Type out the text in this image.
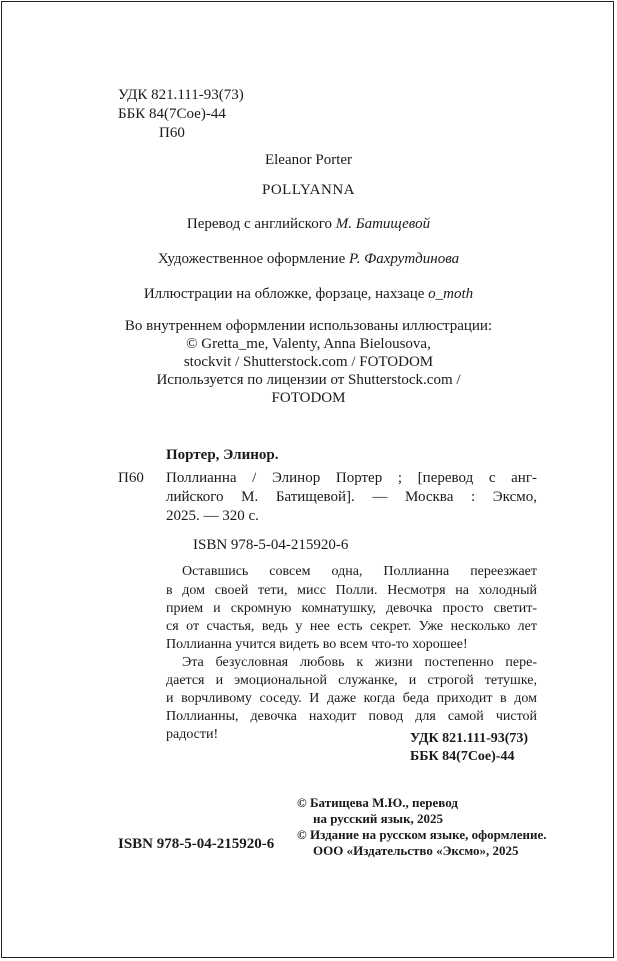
УДК 821.111-93(73)
ББК 84(7Сое)-44
П60
Eleanor Porter
POLLYANNA
Перевод с английского М. Батищевой
Художественное оформление Р. Фахрутдинова
Иллюстрации на обложке, форзаце, нахзаце o_moth
Во внутреннем оформлении использованы иллюстрации:
© Gretta_me, Valenty, Anna Bielousova,
stockvit / Shutterstock.com / FOTODOM
Используется по лицензии от Shutterstock.com /
FOTODOM
Портер, Элинор.
П60 Поллианна / Элинор Портер ; [перевод с анг-
лийского М. Батищевой]. — Москва : Эксмо,
2025. — 320 с.
ISBN 978-5-04-215920-6
Оставшись совсем одна, Поллианна переезжает
в дом своей тети, мисс Полли. Несмотря на холодный
прием и скромную комнатушку, девочка просто светит-
ся от счастья, ведь у нее есть секрет. Уже несколько лет
Поллианна учится видеть во всем что-то хорошее!
Эта безусловная любовь к жизни постепенно пере-
дается и эмоциональной служанке, и строгой тетушке,
и ворчливому соседу. И даже когда беда приходит в дом
Поллианны, девочка находит повод для самой чистой
радости!	УДК 821.111-93(73)
ББК 84(7Сое)-44
© Батищева М.Ю., перевод
на русский язык, 2025
© Издание на русском языке, оформление.
ООО «Издательство «Эксмо», 2025
ISBN 978-5-04-215920-6
